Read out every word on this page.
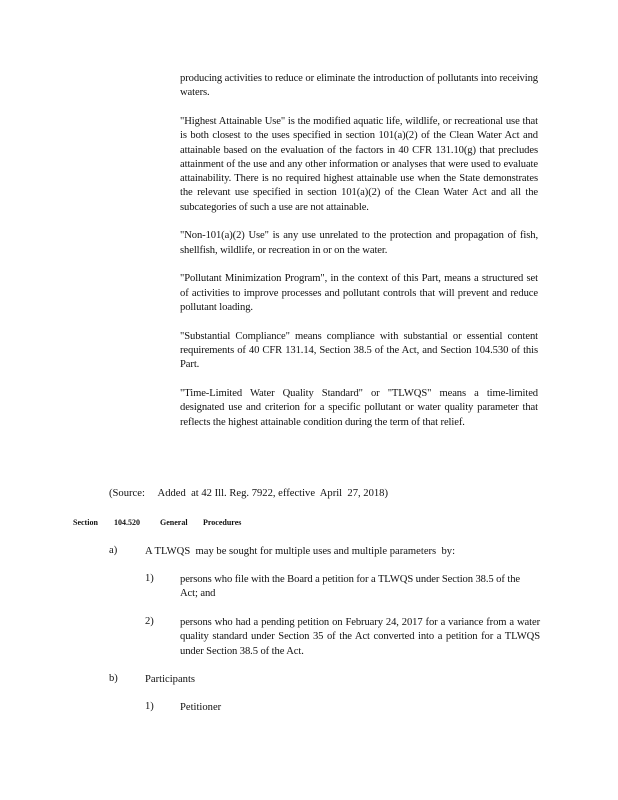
producing activities to reduce or eliminate the introduction of pollutants into receiving waters.

"Highest Attainable Use" is the modified aquatic life, wildlife, or recreational use that is both closest to the uses specified in section 101(a)(2) of the Clean Water Act and attainable based on the evaluation of the factors in 40 CFR 131.10(g) that precludes attainment of the use and any other information or analyses that were used to evaluate attainability. There is no required highest attainable use when the State demonstrates the relevant use specified in section 101(a)(2) of the Clean Water Act and all the subcategories of such a use are not attainable.

"Non-101(a)(2) Use" is any use unrelated to the protection and propagation of fish, shellfish, wildlife, or recreation in or on the water.

"Pollutant Minimization Program", in the context of this Part, means a structured set of activities to improve processes and pollutant controls that will prevent and reduce pollutant loading.

"Substantial Compliance" means compliance with substantial or essential content requirements of 40 CFR 131.14, Section 38.5 of the Act, and Section 104.530 of this Part.

"Time-Limited Water Quality Standard" or "TLWQS" means a time-limited designated use and criterion for a specific pollutant or water quality parameter that reflects the highest attainable condition during the term of that relief.

(Source:     Added  at 42 Ill. Reg. 7922, effective  April  27, 2018)
Section 104.520	General Procedures
a)	A TLWQS  may be sought for multiple uses and multiple parameters  by:
1) persons who file with the Board a petition for a TLWQS under Section 38.5 of the Act; and
2) persons who had a pending petition on February 24, 2017 for a variance from a water quality standard under Section 35 of the Act converted into a petition for a TLWQS under Section 38.5 of the Act.
b)	Participants
1) Petitioner
